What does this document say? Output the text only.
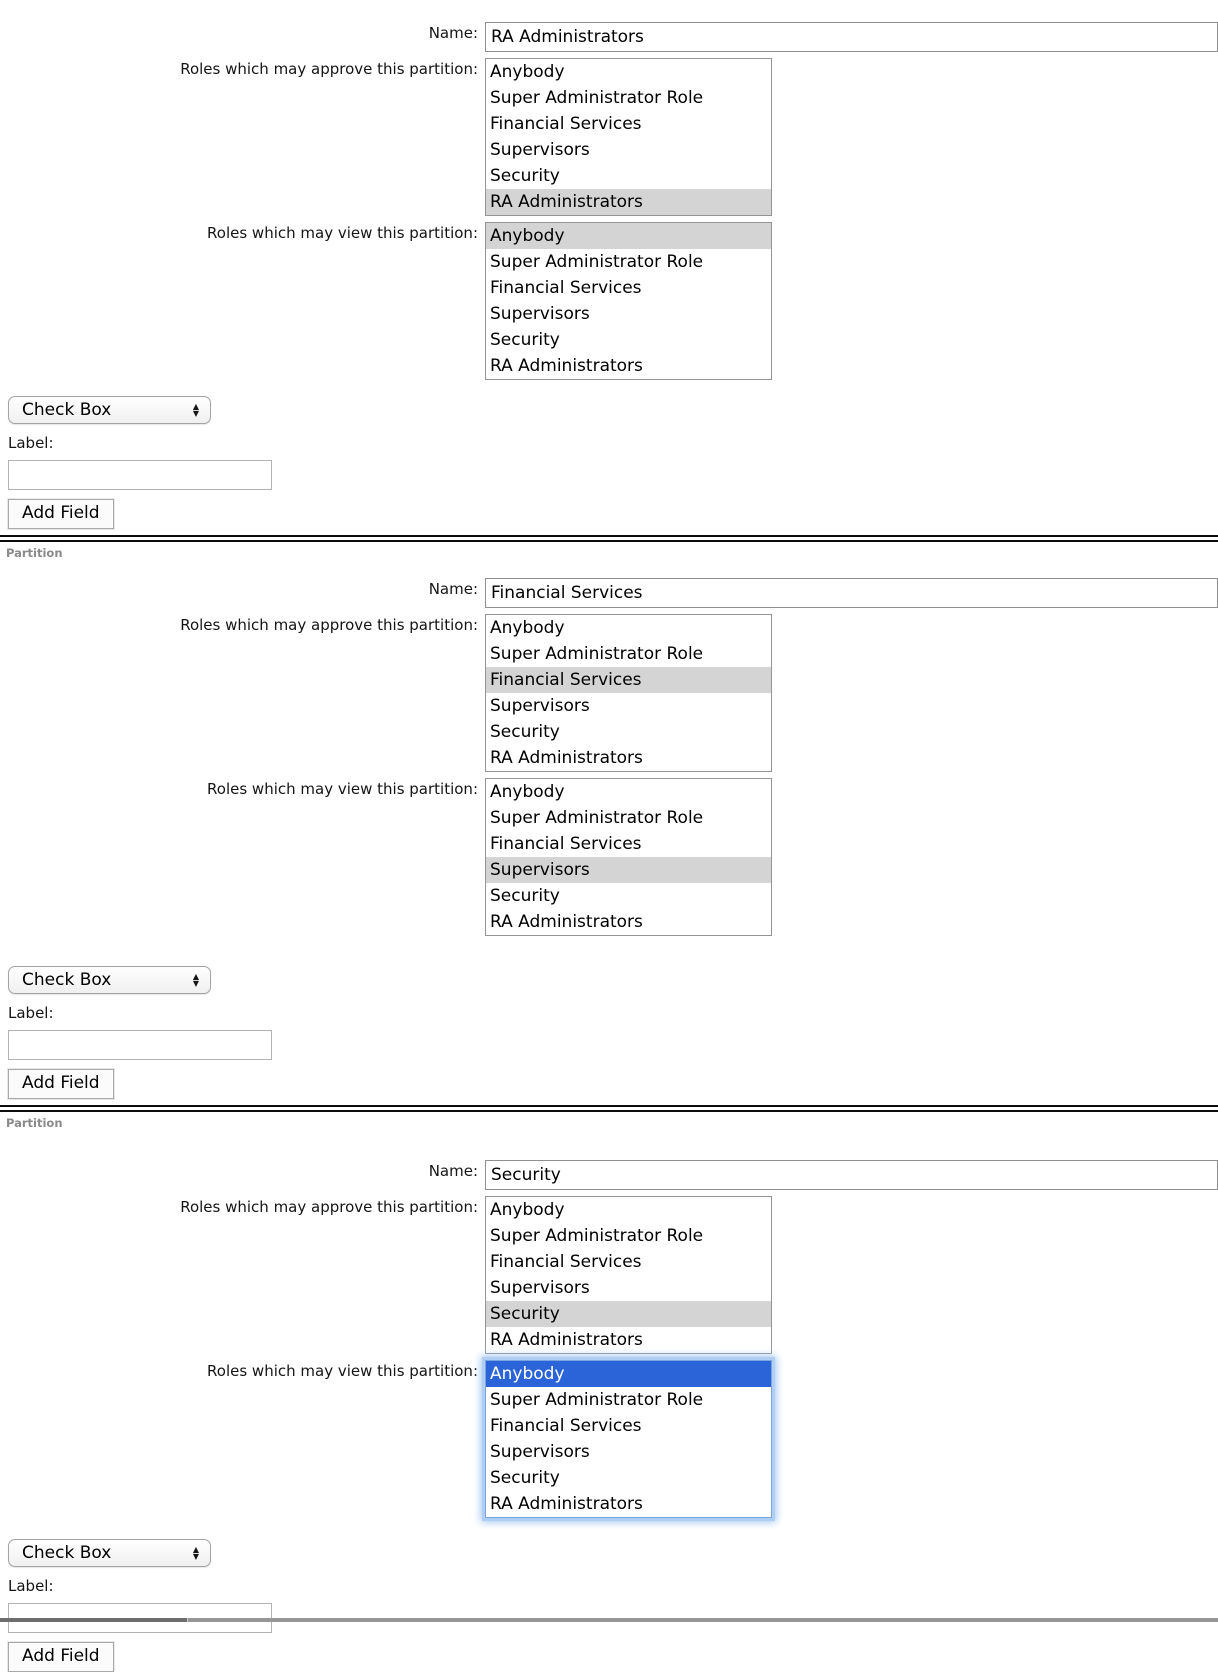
Name:
RA Administrators
Roles which may approve this partition: Anybody
Super Administrator Role
Financial Services
Supervisors
Security
RA Administrators
Roles which may view this partition: Anybody
Super Administrator Role
Financial Services
Supervisors
Security
RA Administrators
Check Box
▲ ▼
Label:
Add Field
Partition
Name:
Financial Services
Roles which may approve this partition: Anybody
Super Administrator Role
Financial Services
Supervisors
Security
RA Administrators
Roles which may view this partition: Anybody
Super Administrator Role
Financial Services
Supervisors
Security
RA Administrators
Check Box
▲ ▼
Label:
Add Field
Partition
Name:
Security
Roles which may approve this partition: Anybody
Super Administrator Role
Financial Services
Supervisors
Security
RA Administrators
Roles which may view this partition: Anybody
Super Administrator Role
Financial Services
Supervisors
Security
RA Administrators
Check Box
▲ ▼
Label:
Add Field
